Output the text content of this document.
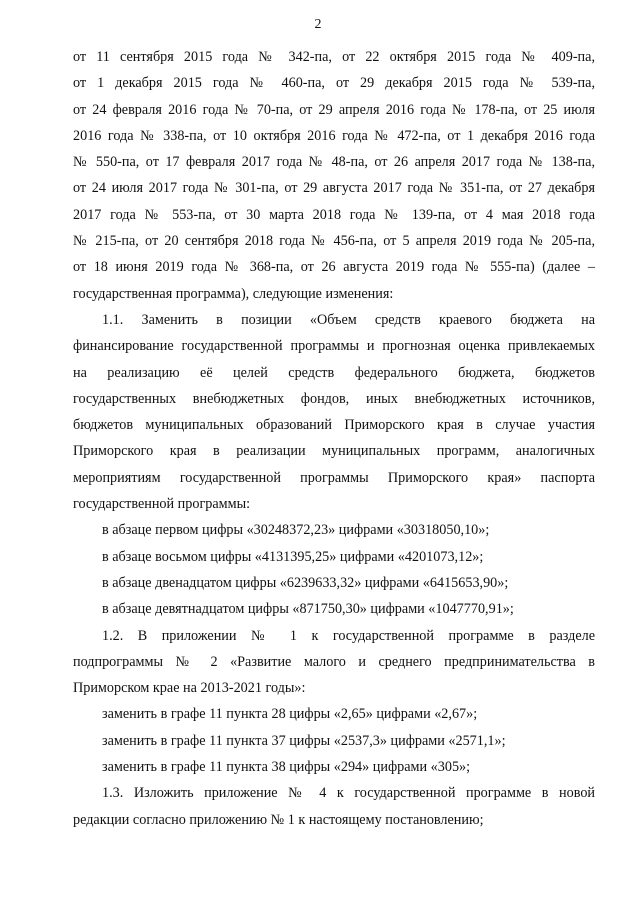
2
от 11 сентября 2015 года № 342-па, от 22 октября 2015 года № 409-па,
от 1 декабря 2015 года № 460-па, от 29 декабря 2015 года № 539-па,
от 24 февраля 2016 года № 70-па, от 29 апреля 2016 года № 178-па, от 25 июля
2016 года № 338-па, от 10 октября 2016 года № 472-па, от 1 декабря 2016 года
№ 550-па, от 17 февраля 2017 года № 48-па, от 26 апреля 2017 года № 138-па,
от 24 июля 2017 года № 301-па, от 29 августа 2017 года № 351-па, от 27 декабря
2017 года № 553-па, от 30 марта 2018 года № 139-па, от 4 мая 2018 года
№ 215-па, от 20 сентября 2018 года № 456-па, от 5 апреля 2019 года № 205-па,
от 18 июня 2019 года № 368-па, от 26 августа 2019 года № 555-па) (далее –
государственная программа), следующие изменения:
1.1. Заменить в позиции «Объем средств краевого бюджета на
финансирование государственной программы и прогнозная оценка привлекаемых
на реализацию её целей средств федерального бюджета, бюджетов
государственных внебюджетных фондов, иных внебюджетных источников,
бюджетов муниципальных образований Приморского края в случае участия
Приморского края в реализации муниципальных программ, аналогичных
мероприятиям государственной программы Приморского края» паспорта
государственной программы:
в абзаце первом цифры «30248372,23» цифрами «30318050,10»;
в абзаце восьмом цифры «4131395,25» цифрами «4201073,12»;
в абзаце двенадцатом цифры «6239633,32» цифрами «6415653,90»;
в абзаце девятнадцатом цифры «871750,30» цифрами «1047770,91»;
1.2. В приложении № 1 к государственной программе в разделе
подпрограммы № 2 «Развитие малого и среднего предпринимательства в
Приморском крае на 2013-2021 годы»:
заменить в графе 11 пункта 28 цифры «2,65» цифрами «2,67»;
заменить в графе 11 пункта 37 цифры «2537,3» цифрами «2571,1»;
заменить в графе 11 пункта 38 цифры «294» цифрами «305»;
1.3. Изложить приложение № 4 к государственной программе в новой
редакции согласно приложению № 1 к настоящему постановлению;
